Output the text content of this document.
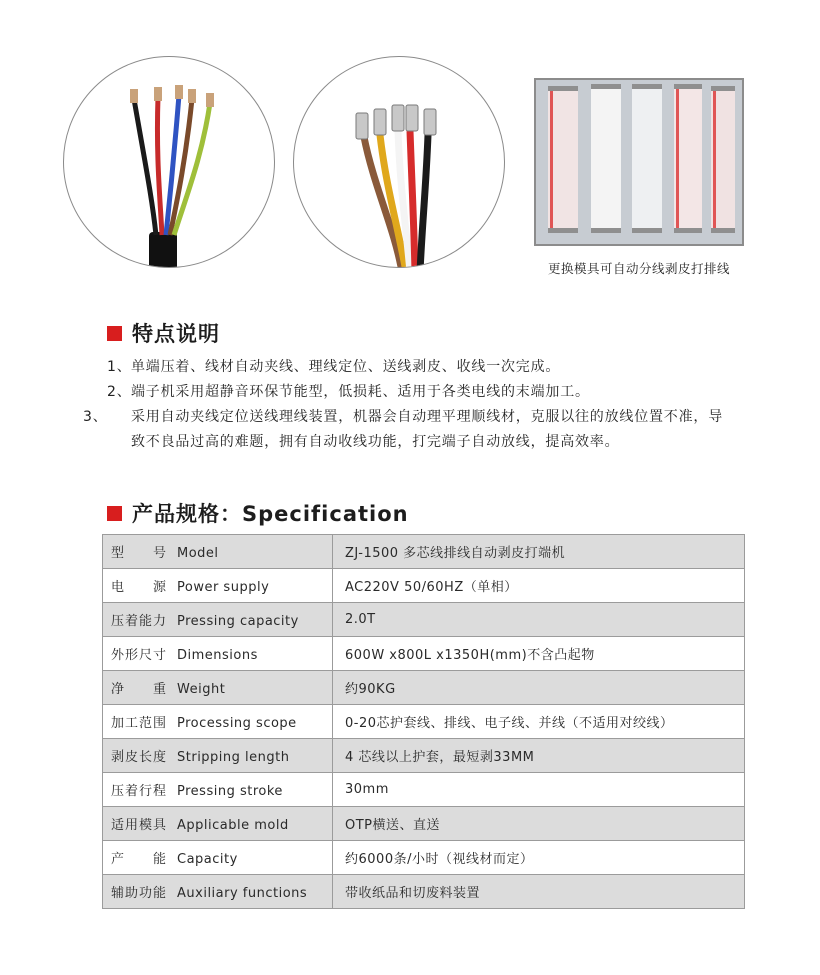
更换模具可自动分线剥皮打排线
特点说明
1、单端压着、线材自动夹线、理线定位、送线剥皮、收线一次完成。
2、端子机采用超静音环保节能型，低损耗、适用于各类电线的末端加工。
3、 采用自动夹线定位送线理线装置，机器会自动理平理顺线材，克服以往的放线位置不准，导致不良品过高的难题，拥有自动收线功能，打完端子自动放线，提高效率。
产品规格：Specification
型　　号 Model	ZJ-1500 多芯线排线自动剥皮打端机
电　　源 Power supply	AC220V 50/60HZ（单相）
压着能力 Pressing capacity	2.0T
外形尺寸 Dimensions	600W x800L x1350H(mm)不含凸起物
净　　重 Weight	约90KG
加工范围 Processing scope	0-20芯护套线、排线、电子线、并线（不适用对绞线）
剥皮长度 Stripping length	4 芯线以上护套，最短剥33MM
压着行程 Pressing stroke	30mm
适用模具 Applicable mold	OTP横送、直送
产　　能 Capacity	约6000条/小时（视线材而定）
辅助功能 Auxiliary functions	带收纸品和切废料装置
